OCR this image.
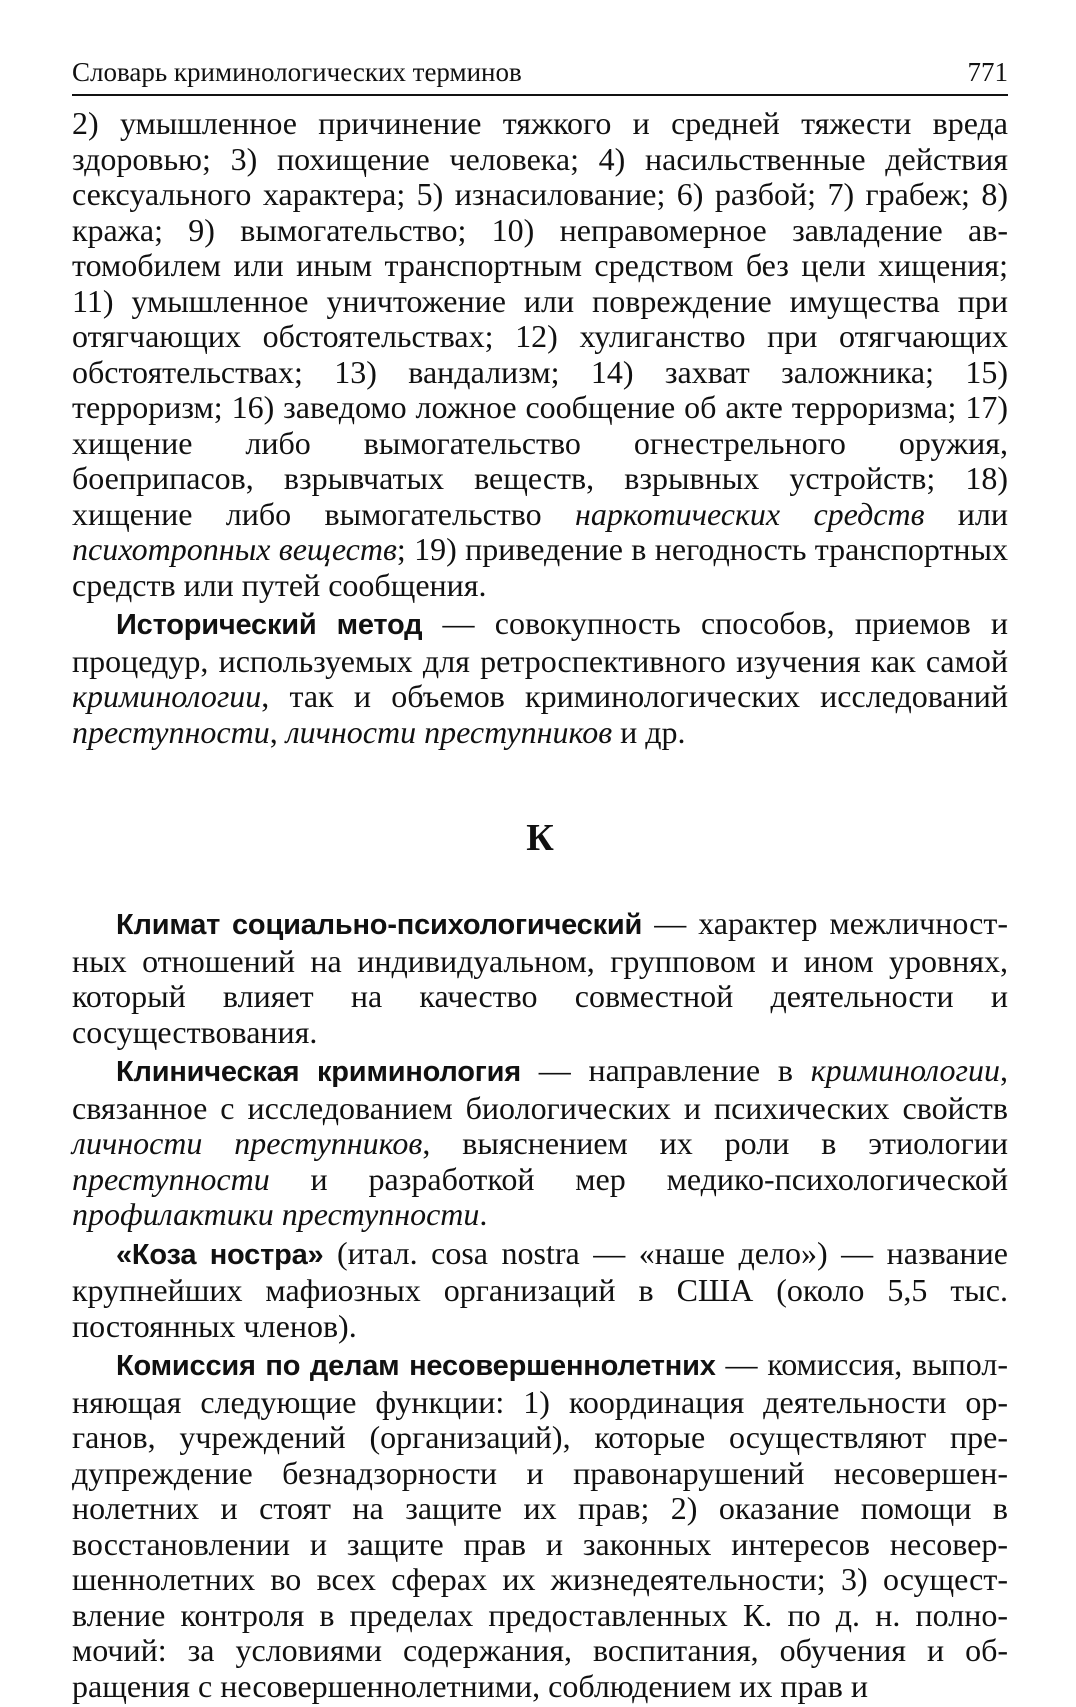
Словарь криминологических терминов	771

2) умышленное причинение тяжкого и средней тяжести вреда здоровью; 3) похищение человека; 4) насильственные действия сексуального характера; 5) изнасилование; 6) разбой; 7) грабеж; 8) кража; 9) вымогательство; 10) неправомерное завладение автомобилем или иным транспортным средством без цели хищения; 11) умышленное уничтожение или повреждение имущества при отягчающих обстоятельствах; 12) хулиганство при отягчающих обстоятельствах; 13) вандализм; 14) захват заложника; 15) терроризм; 16) заведомо ложное сообщение об акте терроризма; 17) хищение либо вымогательство огнестрельного оружия, боеприпасов, взрывчатых веществ, взрывных устройств; 18) хищение либо вымогательство наркотических средств или психотропных веществ; 19) приведение в негодность транспортных средств или путей сообщения.

Исторический метод — совокупность способов, приемов и процедур, используемых для ретроспективного изучения как самой криминологии, так и объемов криминологических исследований преступности, личности преступников и др.

К

Климат социально-психологический — характер межличностных отношений на индивидуальном, групповом и ином уровнях, который влияет на качество совместной деятельности и сосуществования.

Клиническая криминология — направление в криминологии, связанное с исследованием биологических и психических свойств личности преступников, выяснением их роли в этиологии преступности и разработкой мер медико-психологической профилактики преступности.

«Коза ностра» (итал. cosa nostra — «наше дело») — название крупнейших мафиозных организаций в США (около 5,5 тыс. постоянных членов).

Комиссия по делам несовершеннолетних — комиссия, выполняющая следующие функции: 1) координация деятельности органов, учреждений (организаций), которые осуществляют предупреждение безнадзорности и правонарушений несовершеннолетних и стоят на защите их прав; 2) оказание помощи в восстановлении и защите прав и законных интересов несовершеннолетних во всех сферах их жизнедеятельности; 3) осуществление контроля в пределах предоставленных К. по д. н. полномочий: за условиями содержания, воспитания, обучения и обращения с несовершеннолетними, соблюдением их прав и
